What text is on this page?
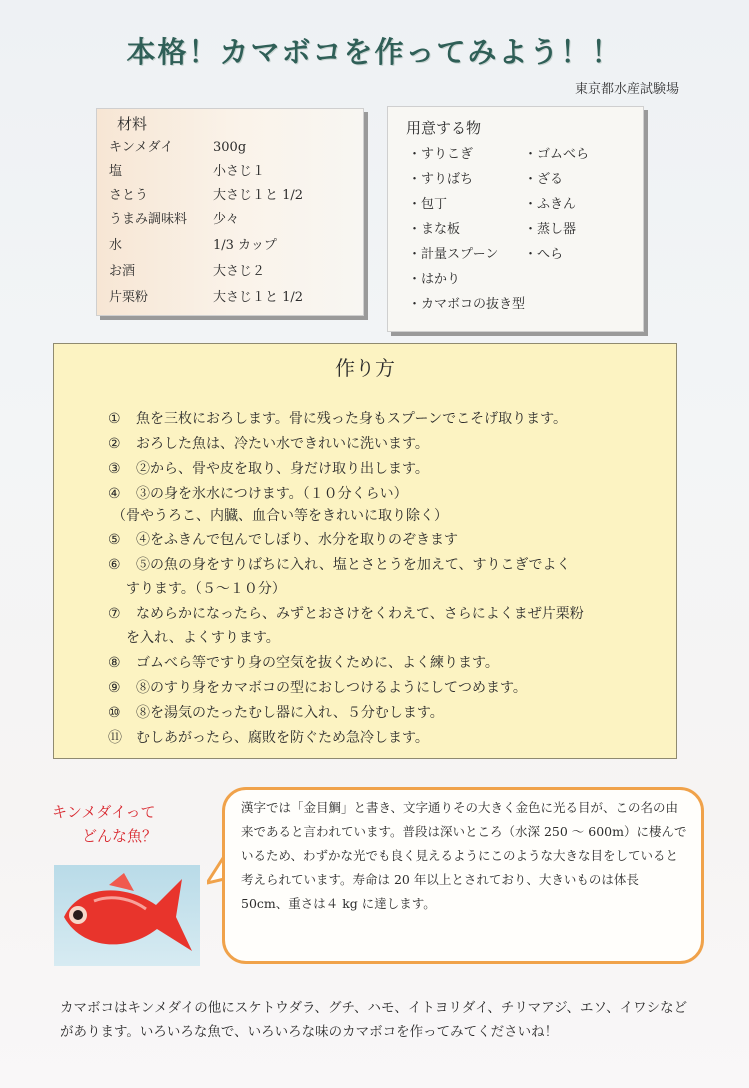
本格！カマボコを作ってみよう！！
東京都水産試験場
材料
キンメダイ	300g
塩	小さじ１
さとう	大さじ１と 1/2
うまみ調味料 少々
水	1/3 カップ
お酒	大さじ２
片栗粉	大さじ１と 1/2
用意する物
・すりこぎ
・すりばち
・包丁
・まな板
・計量スプーン
・はかり
・カマボコの抜き型
・ゴムべら
・ざる
・ふきん
・蒸し器
・へら
作り方
① 魚を三枚におろします。骨に残った身もスプーンでこそげ取ります。
② おろした魚は、冷たい水できれいに洗います。
③ ②から、骨や皮を取り、身だけ取り出します。
④ ③の身を氷水につけます。（１０分くらい）
（骨やうろこ、内臓、血合い等をきれいに取り除く）
⑤ ④をふきんで包んでしぼり、水分を取りのぞきます
⑥ ⑤の魚の身をすりばちに入れ、塩とさとうを加えて、すりこぎでよく
すります。（５～１０分）
⑦ なめらかになったら、みずとおさけをくわえて、さらによくまぜ片栗粉
を入れ、よくすります。
⑧ ゴムべら等ですり身の空気を抜くために、よく練ります。
⑨ ⑧のすり身をカマボコの型におしつけるようにしてつめます。
⑩ ⑧を湯気のたったむし器に入れ、５分むします。
⑪ むしあがったら、腐敗を防ぐため急冷します。
キンメダイって
どんな魚？
漢字では「金目鯛」と書き、文字通りその大きく金色に光る目が、この名の由来であると言われています。普段は深いところ（水深 250 ～ 600m）に棲んでいるため、わずかな光でも良く見えるようにこのような大きな目をしていると考えられています。寿命は 20 年以上とされており、大きいものは体長 50cm、重さは４ kg に達します。
カマボコはキンメダイの他にスケトウダラ、グチ、ハモ、イトヨリダイ、チリマアジ、エソ、イワシなどがあります。いろいろな魚で、いろいろな味のカマボコを作ってみてくださいね！
